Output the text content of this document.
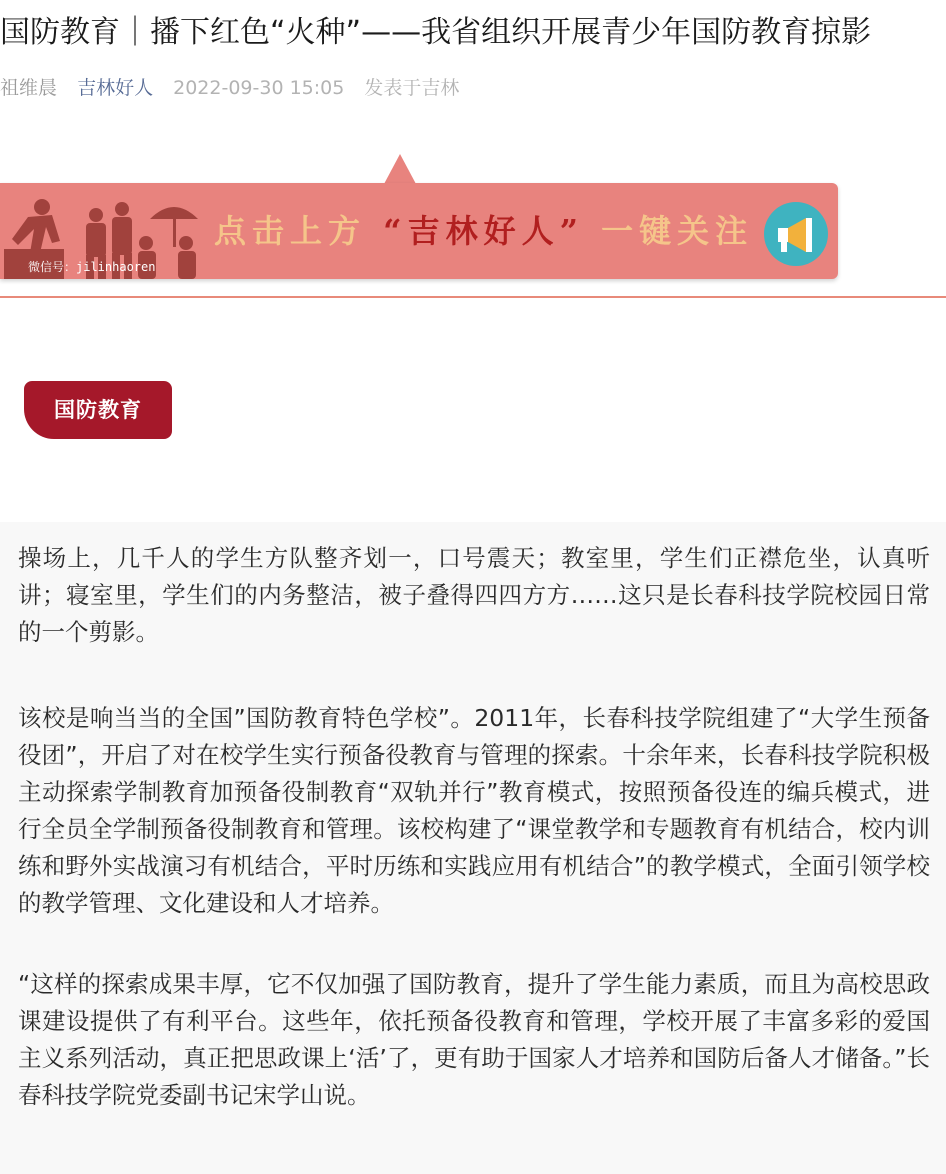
国防教育｜播下红色“火种”——我省组织开展青少年国防教育掠影
祖维晨 吉林好人 2022-09-30 15:05 发表于吉林
微信号：jilinhaoren
点击上方 “吉林好人” 一键关注
国防教育
操场上，几千人的学生方队整齐划一，口号震天；教室里，学生们正襟危坐，认真听讲；寝室里，学生们的内务整洁，被子叠得四四方方……这只是长春科技学院校园日常的一个剪影。
该校是响当当的全国”国防教育特色学校”。2011年，长春科技学院组建了“大学生预备役团”，开启了对在校学生实行预备役教育与管理的探索。十余年来，长春科技学院积极主动探索学制教育加预备役制教育“双轨并行”教育模式，按照预备役连的编兵模式，进行全员全学制预备役制教育和管理。该校构建了“课堂教学和专题教育有机结合，校内训练和野外实战演习有机结合，平时历练和实践应用有机结合”的教学模式，全面引领学校的教学管理、文化建设和人才培养。
“这样的探索成果丰厚，它不仅加强了国防教育，提升了学生能力素质，而且为高校思政课建设提供了有利平台。这些年，依托预备役教育和管理，学校开展了丰富多彩的爱国主义系列活动，真正把思政课上‘活’了，更有助于国家人才培养和国防后备人才储备。”长春科技学院党委副书记宋学山说。
